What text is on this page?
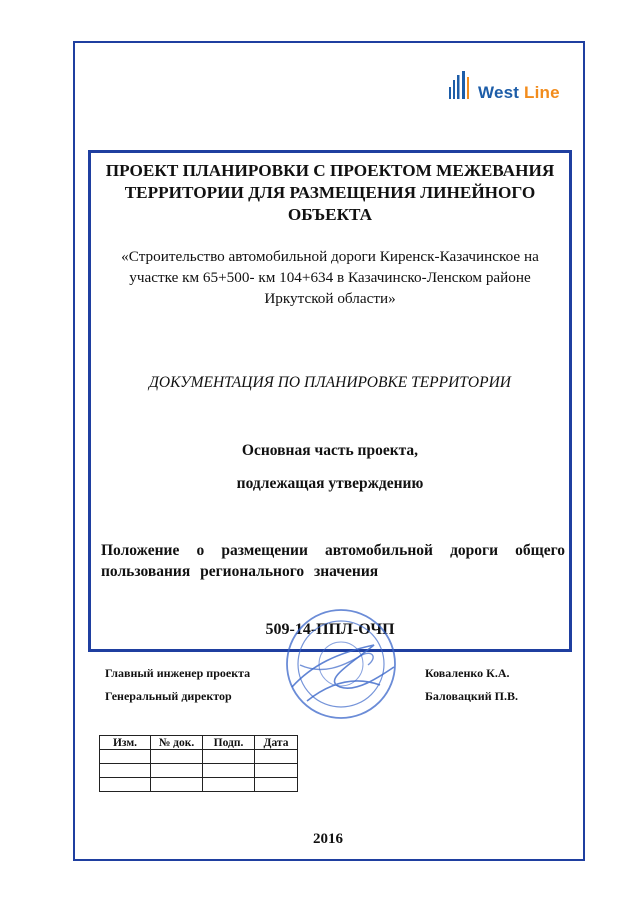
West Line
ПРОЕКТ ПЛАНИРОВКИ С ПРОЕКТОМ МЕЖЕВАНИЯ ТЕРРИТОРИИ ДЛЯ РАЗМЕЩЕНИЯ ЛИНЕЙНОГО ОБЪЕКТА
«Строительство автомобильной дороги Киренск-Казачинское на участке км 65+500- км 104+634 в Казачинско-Ленском районе Иркутской области»
ДОКУМЕНТАЦИЯ ПО ПЛАНИРОВКЕ ТЕРРИТОРИИ
Основная часть проекта,
подлежащая утверждению
Положение о размещении автомобильной дороги общего пользования регионального значения
509-14-ППЛ-ОЧП
Главный инженер проекта	Коваленко К.А.
Генеральный директор	Баловацкий П.В.
Изм.	№ док.	Подп.	Дата

2016
